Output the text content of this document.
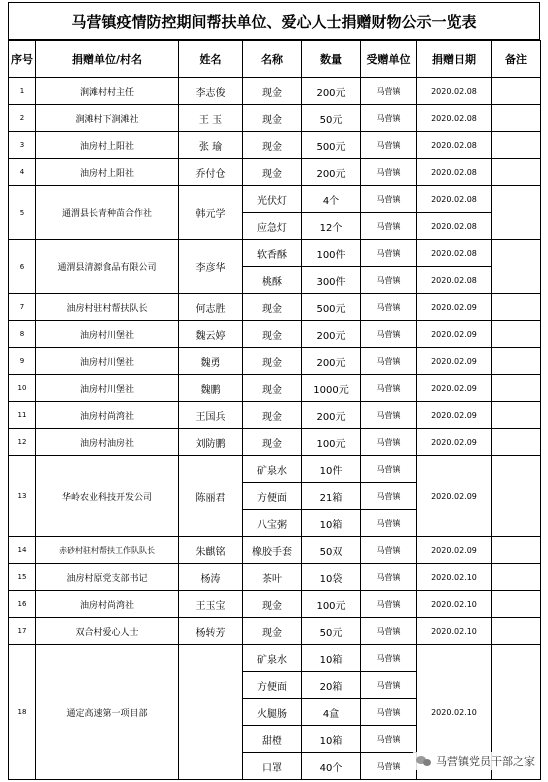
马营镇疫情防控期间帮扶单位、爱心人士捐赠财物公示一览表
序号	捐赠单位/村名	姓名	名称	数量	受赠单位	捐赠日期	备注
1	涧滩村村主任	李志俊	现金	200元	马营镇	2020.02.08	
2	涧滩村下涧滩社	王 玉	现金	50元	马营镇	2020.02.08	
3	油房村上阳社	张 瑜	现金	500元	马营镇	2020.02.08	
4	油房村上阳社	乔付仓	现金	200元	马营镇	2020.02.08	
5	通渭县长青种苗合作社	韩元学	光伏灯	4个	马营镇	2020.02.08	
			应急灯	12个	马营镇	2020.02.08	
6	通渭县清源食品有限公司	李彦华	软香酥	100件	马营镇	2020.02.08	
			桃酥	300件	马营镇	2020.02.08	
7	油房村驻村帮扶队长	何志胜	现金	500元	马营镇	2020.02.09	
8	油房村川堡社	魏云婷	现金	200元	马营镇	2020.02.09	
9	油房村川堡社	魏勇	现金	200元	马营镇	2020.02.09	
10	油房村川堡社	魏鹏	现金	1000元	马营镇	2020.02.09	
11	油房村尚湾社	王国兵	现金	200元	马营镇	2020.02.09	
12	油房村油房社	刘防鹏	现金	100元	马营镇	2020.02.09	
13	华岭农业科技开发公司	陈丽君	矿泉水	10件	马营镇	2020.02.09	
			方便面	21箱	马营镇		
			八宝粥	10箱	马营镇		
14	赤砂村驻村帮扶工作队队长	朱麒铭	橡胶手套	50双	马营镇	2020.02.09	
15	油房村原党支部书记	杨涛	茶叶	10袋	马营镇	2020.02.10	
16	油房村尚湾社	王玉宝	现金	100元	马营镇	2020.02.10	
17	双合村爱心人士	杨转芳	现金	50元	马营镇	2020.02.10	
18	通定高速第一项目部		矿泉水	10箱	马营镇	2020.02.10	
			方便面	20箱	马营镇		
			火腿肠	4盒	马营镇		
			甜橙	10箱	马营镇		
			口罩	40个	马营镇			马营镇党员干部之家
